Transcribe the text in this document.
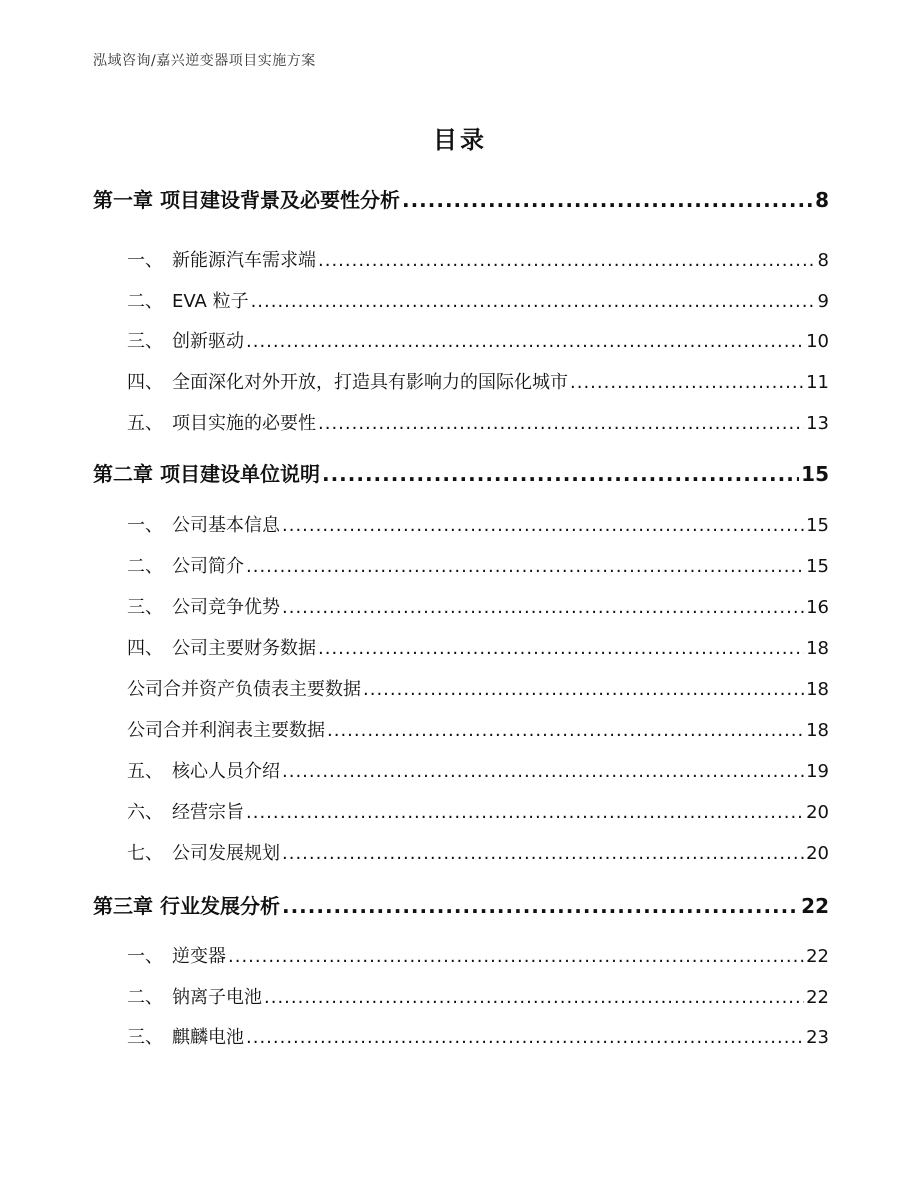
泓域咨询/嘉兴逆变器项目实施方案
目录
第一章 项目建设背景及必要性分析 .....	8
一、 新能源汽车需求端 .....	8
二、 EVA 粒子 .....	9
三、 创新驱动 .....	10
四、 全面深化对外开放，打造具有影响力的国际化城市 .....	11
五、 项目实施的必要性 .....	13
第二章 项目建设单位说明 .....	15
一、 公司基本信息 .....	15
二、 公司简介 .....	15
三、 公司竞争优势 .....	16
四、 公司主要财务数据 .....	18
公司合并资产负债表主要数据 .....	18
公司合并利润表主要数据 .....	18
五、 核心人员介绍 .....	19
六、 经营宗旨 .....	20
七、 公司发展规划 .....	20
第三章 行业发展分析 .....	22
一、 逆变器 .....	22
二、 钠离子电池 .....	22
三、 麒麟电池 .....	23
